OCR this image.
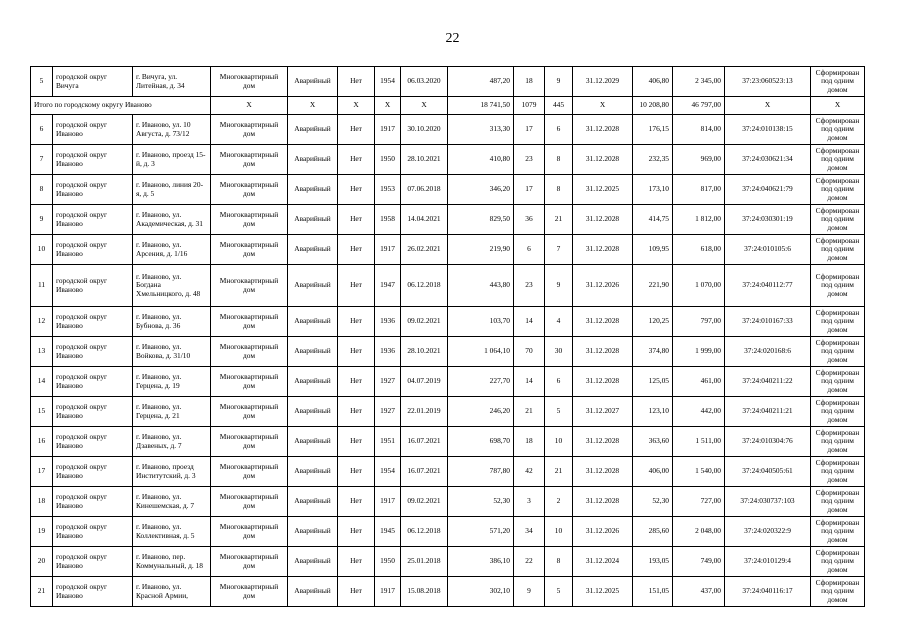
22
5	городской округ Вичуга	г. Вичуга, ул. Литейная, д. 34	Многоквартирный дом	Аварийный	Нет	1954	06.03.2020	487,20	18	9	31.12.2029	406,80	2 345,00	37:23:060523:13	Сформирован под одним домом
Итого по городскому округу Иваново			X	X	X	X	X	18 741,50	1079	445	X	10 208,80	46 797,00	X	X
6	городской округ Иваново	г. Иваново, ул. 10 Августа, д. 73/12	Многоквартирный дом	Аварийный	Нет	1917	30.10.2020	313,30	17	6	31.12.2028	176,15	814,00	37:24:010138:15	Сформирован под одним домом
7	городской округ Иваново	г. Иваново, проезд 15-й, д. 3	Многоквартирный дом	Аварийный	Нет	1950	28.10.2021	410,80	23	8	31.12.2028	232,35	969,00	37:24:030621:34	Сформирован под одним домом
8	городской округ Иваново	г. Иваново, линия 20-я, д. 5	Многоквартирный дом	Аварийный	Нет	1953	07.06.2018	346,20	17	8	31.12.2025	173,10	817,00	37:24:040621:79	Сформирован под одним домом
9	городской округ Иваново	г. Иваново, ул. Академическая, д. 31	Многоквартирный дом	Аварийный	Нет	1958	14.04.2021	829,50	36	21	31.12.2028	414,75	1 812,00	37:24:030301:19	Сформирован под одним домом
10	городской округ Иваново	г. Иваново, ул. Арсения, д. 1/16	Многоквартирный дом	Аварийный	Нет	1917	26.02.2021	219,90	6	7	31.12.2028	109,95	618,00	37:24:010105:6	Сформирован под одним домом
11	городской округ Иваново	г. Иваново, ул. Богдана Хмельницкого, д. 48	Многоквартирный дом	Аварийный	Нет	1947	06.12.2018	443,80	23	9	31.12.2026	221,90	1 070,00	37:24:040112:77	Сформирован под одним домом
12	городской округ Иваново	г. Иваново, ул. Бубнова, д. 36	Многоквартирный дом	Аварийный	Нет	1936	09.02.2021	103,70	14	4	31.12.2028	120,25	797,00	37:24:010167:33	Сформирован под одним домом
13	городской округ Иваново	г. Иваново, ул. Войкова, д. 31/10	Многоквартирный дом	Аварийный	Нет	1936	28.10.2021	1 064,10	70	30	31.12.2028	374,80	1 999,00	37:24:020168:6	Сформирован под одним домом
14	городской округ Иваново	г. Иваново, ул. Герцена, д. 19	Многоквартирный дом	Аварийный	Нет	1927	04.07.2019	227,70	14	6	31.12.2028	125,05	461,00	37:24:040211:22	Сформирован под одним домом
15	городской округ Иваново	г. Иваново, ул. Герцена, д. 21	Многоквартирный дом	Аварийный	Нет	1927	22.01.2019	246,20	21	5	31.12.2027	123,10	442,00	37:24:040211:21	Сформирован под одним домом
16	городской округ Иваново	г. Иваново, ул. Дзавеных, д. 7	Многоквартирный дом	Аварийный	Нет	1951	16.07.2021	698,70	18	10	31.12.2028	363,60	1 511,00	37:24:010304:76	Сформирован под одним домом
17	городской округ Иваново	г. Иваново, проезд Институтский, д. 3	Многоквартирный дом	Аварийный	Нет	1954	16.07.2021	787,80	42	21	31.12.2028	406,00	1 540,00	37:24:040505:61	Сформирован под одним домом
18	городской округ Иваново	г. Иваново, ул. Кинешемская, д. 7	Многоквартирный дом	Аварийный	Нет	1917	09.02.2021	52,30	3	2	31.12.2028	52,30	727,00	37:24:030737:103	Сформирован под одним домом
19	городской округ Иваново	г. Иваново, ул. Коллективная, д. 5	Многоквартирный дом	Аварийный	Нет	1945	06.12.2018	571,20	34	10	31.12.2026	285,60	2 048,00	37:24:020322:9	Сформирован под одним домом
20	городской округ Иваново	г. Иваново, пер. Коммунальный, д. 18	Многоквартирный дом	Аварийный	Нет	1950	25.01.2018	386,10	22	8	31.12.2024	193,05	749,00	37:24:010129:4	Сформирован под одним домом
21	городской округ Иваново	г. Иваново, ул. Красной Армии,	Многоквартирный дом	Аварийный	Нет	1917	15.08.2018	302,10	9	5	31.12.2025	151,05	437,00	37:24:040116:17	Сформирован под одним домом
